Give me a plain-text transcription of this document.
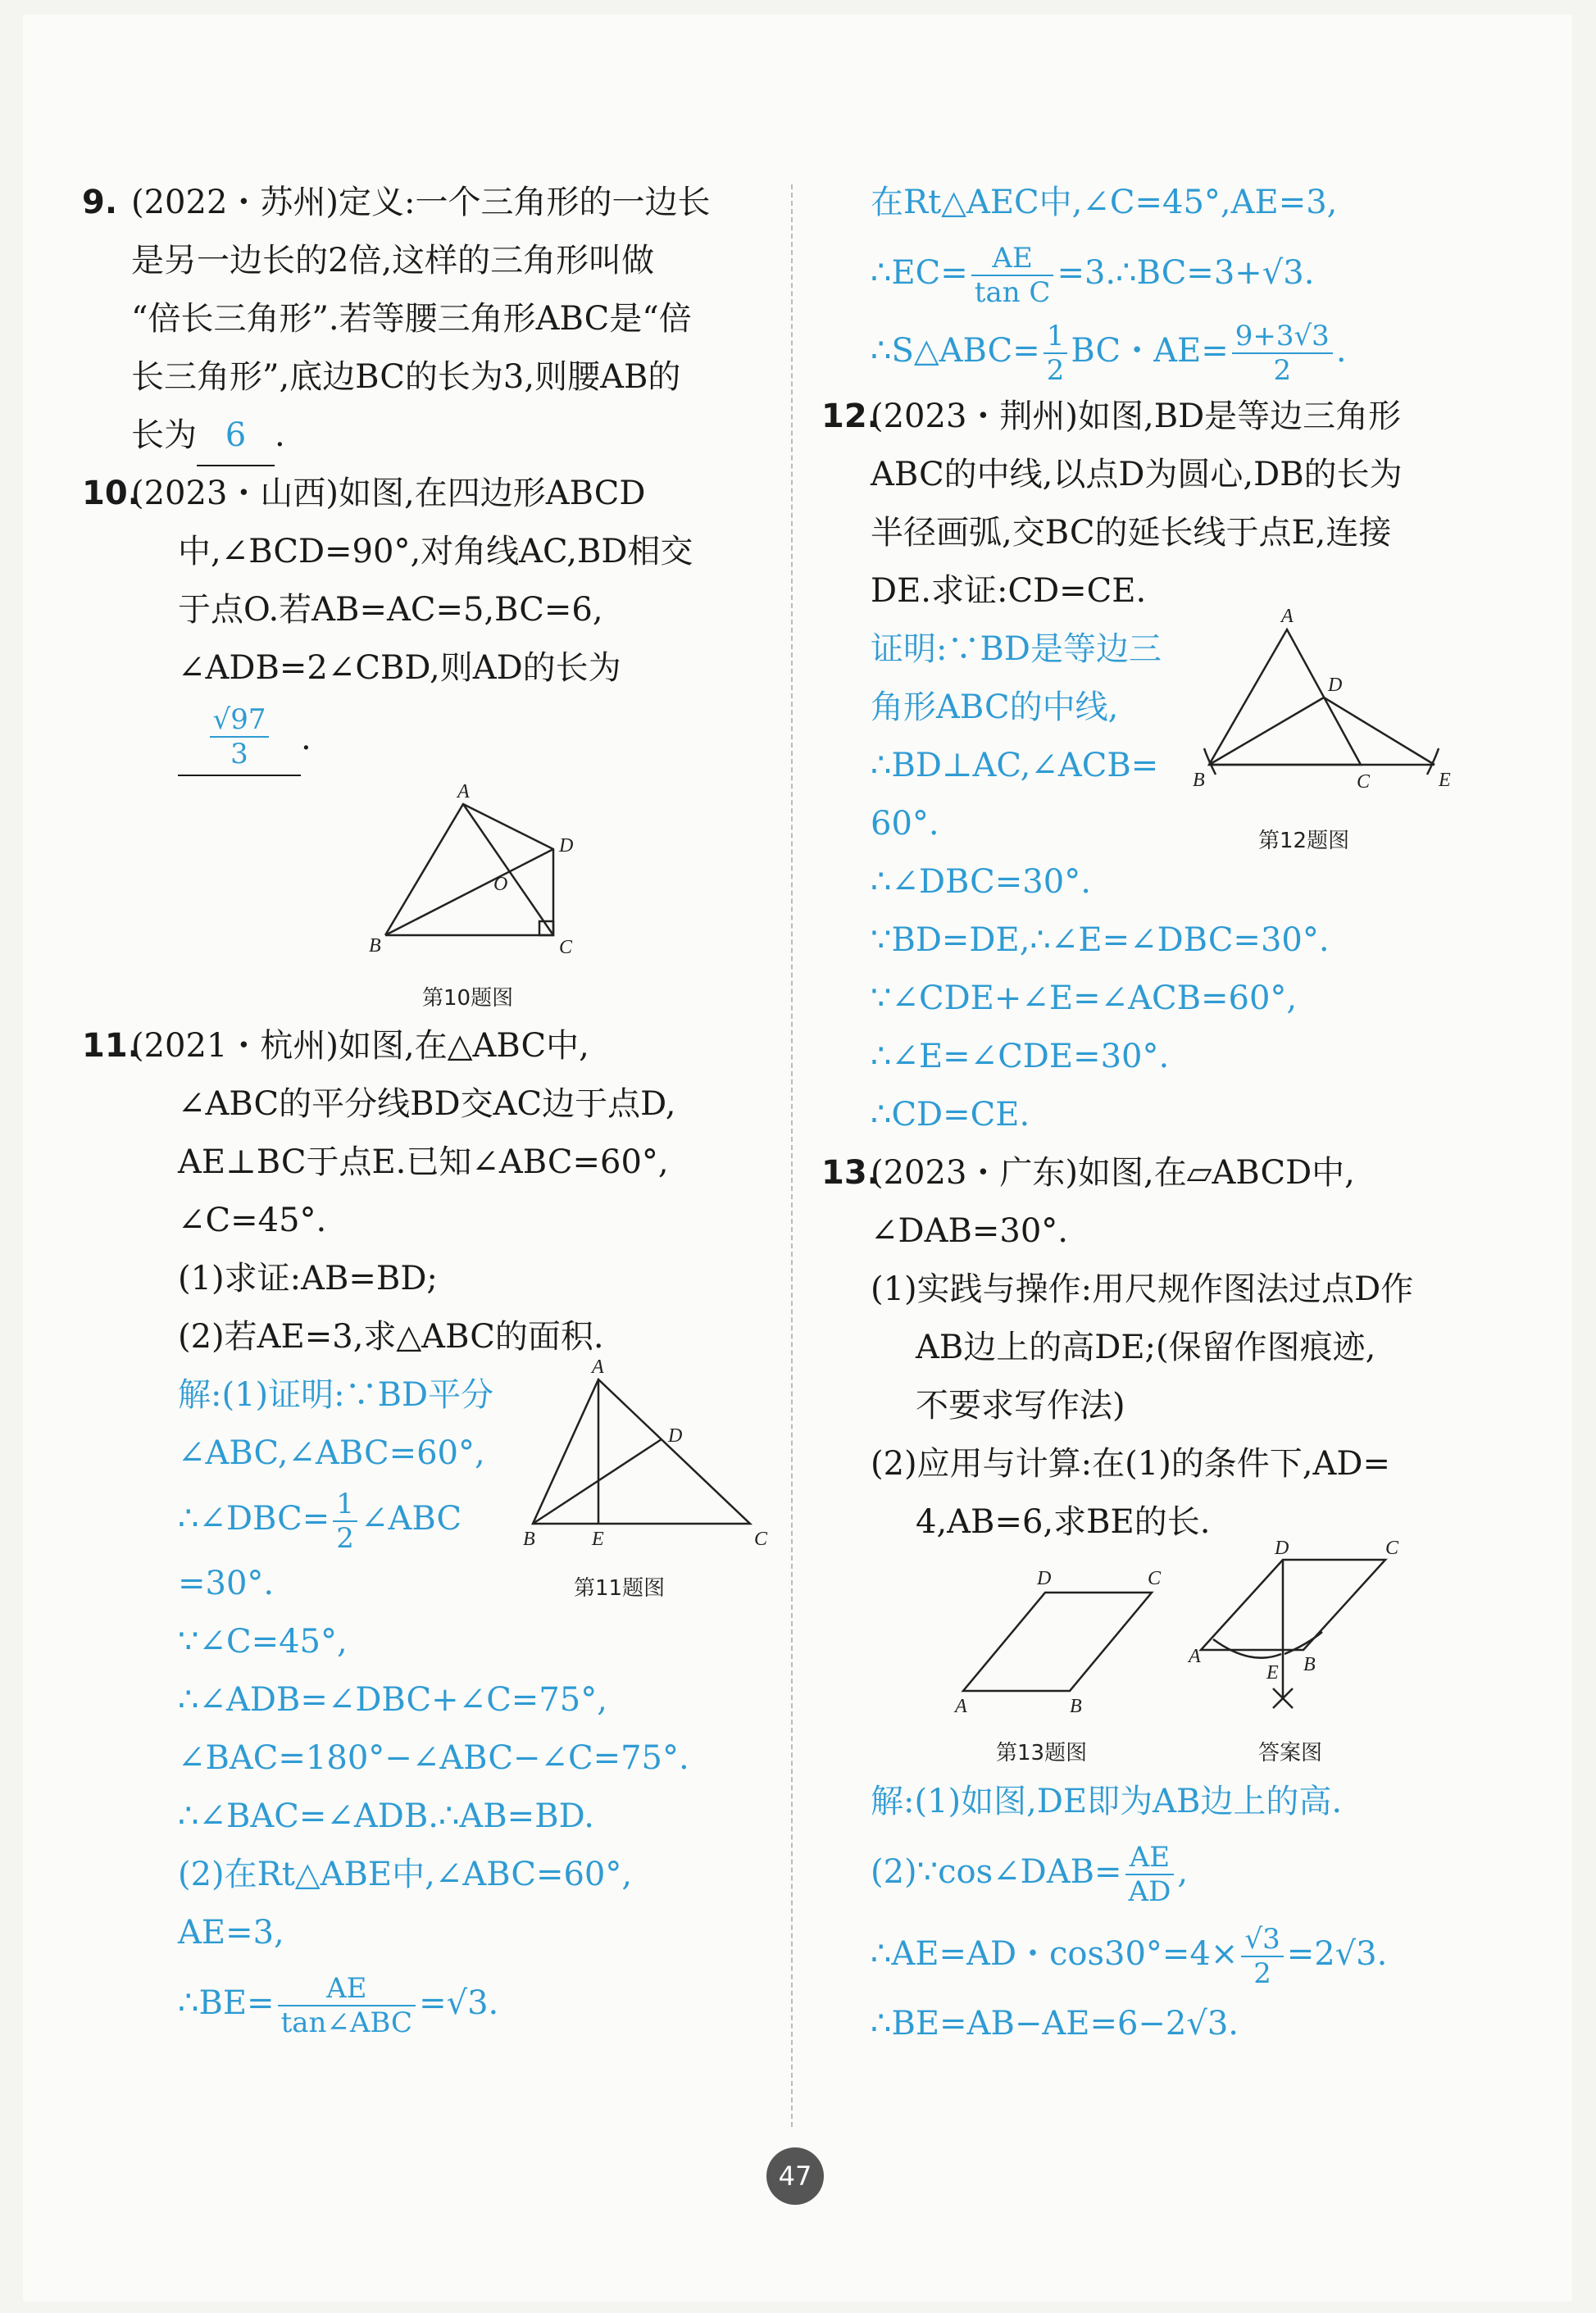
9. (2022・苏州)定义:一个三角形的一边长
是另一边长的2倍,这样的三角形叫做
“倍长三角形”.若等腰三角形ABC是“倍
长三角形”,底边BC的长为3,则腰AB的
长为 6 .
10.(2023・山西)如图,在四边形ABCD
中,∠BCD=90°,对角线AC,BD相交
于点O.若AB=AC=5,BC=6,
∠ADB=2∠CBD,则AD的长为
$\frac{√97}{3}$ .
A
B	C
D
O
第10题图
11.(2021・杭州)如图,在△ABC中,
∠ABC的平分线BD交AC边于点D,
AE⊥BC于点E.已知∠ABC=60°,
∠C=45°.
(1)求证:AB=BD;
(2)若AE=3,求△ABC的面积.
A
B	C
D
E
第11题图
解:(1)证明:∵BD平分
∠ABC,∠ABC=60°,
∴∠DBC= $\frac{1}{2}$ ∠ABC
=30°.
∵∠C=45°,
∴∠ADB=∠DBC+∠C=75°,
∠BAC=180°−∠ABC−∠C=75°.
∴∠BAC=∠ADB.∴AB=BD.
(2)在Rt△ABE中,∠ABC=60°,
AE=3,
∴BE= $\frac{AE}{\text{tan∠ABC}} =√3$.
在Rt△AEC中,∠C=45°,AE=3,
∴EC= $\frac{AE}{\text{tan C}}$ =3.∴BC=3+√3.
∴S△ABC= $\frac{1}{2}$ BC・$AE= \frac{9+3√3}{2}$ .
12.(2023・荆州)如图,BD是等边三角形
ABC的中线,以点D为圆心,DB的长为
半径画弧,交BC的延长线于点E,连接
DE.求证:CD=CE.
A
B	C
D
E
第12题图
证明:∵BD是等边三
角形ABC的中线,
∴BD⊥AC,∠ACB=
60°.
∴∠DBC=30°.
∵BD=DE,∴∠E=∠DBC=30°.
∵∠CDE+∠E=∠ACB=60°,
∴∠E=∠CDE=30°.
∴CD=CE.
13.(2023・广东)如图,在▱ABCD中,
∠DAB=30°.
(1)实践与操作:用尺规作图法过点D作
AB边上的高DE;(保留作图痕迹,
不要求写作法)
(2)应用与计算:在(1)的条件下,AD=
4,AB=6,求BE的长.
A	B
C
D
A	B
C
D
E
第13题图	答案图
解:(1)如图,DE即为AB边上的高.
(2)∵cos∠DAB= $\frac{AE}{AD}$ ,
∴AE=AD・$\cos 30^\circ=4\times \frac{√3}{2} =2√3$.
∴BE=AB−AE=6−2√3.
47
